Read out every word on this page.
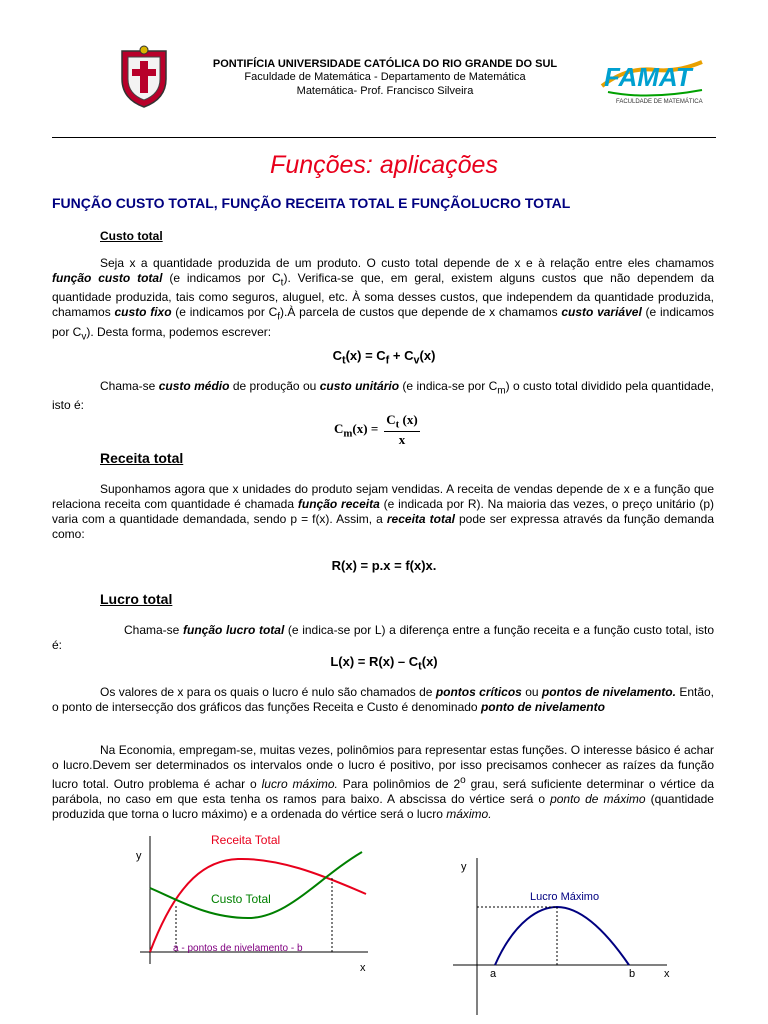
FAMAT
FACULDADE DE MATEMÁTICA
PONTIFÍCIA UNIVERSIDADE CATÓLICA DO RIO GRANDE DO SUL
Faculdade de Matemática - Departamento de Matemática
Matemática- Prof. Francisco Silveira
Funções: aplicações
FUNÇÃO CUSTO TOTAL, FUNÇÃO RECEITA TOTAL E FUNÇÃOLUCRO TOTAL
Custo total
Seja x a quantidade produzida de um produto. O custo total depende de x e à relação entre eles chamamos função custo total (e indicamos por $C_t$). Verifica-se que, em geral, existem alguns custos que não dependem da quantidade produzida, tais como seguros, aluguel, etc. À soma desses custos, que independem da quantidade produzida, chamamos custo fixo (e indicamos por $C_f).À$ parcela de custos que depende de x chamamos custo variável (e indicamos por $C_v$). Desta forma, podemos escrever:
$C_t(x) = C_f + C_v(x)$
Chama-se custo médio de produção ou custo unitário (e indica-se por $C_m$) o custo total dividido pela quantidade, isto é:
$C_m(x) = \frac{C_t (x)}{x}$
Receita total
Suponhamos agora que x unidades do produto sejam vendidas. A receita de vendas depende de x e a função que relaciona receita com quantidade é chamada função receita (e indicada por R). Na maioria das vezes, o preço unitário (p) varia com a quantidade demandada, sendo p = f(x). Assim, a receita total pode ser expressa através da função demanda como:
R(x) = p.x = f(x)x.
Lucro total
Chama-se função lucro total (e indica-se por L) a diferença entre a função receita e a função custo total, isto é:
$L(x) = R(x) - C_t(x)$
Os valores de x para os quais o lucro é nulo são chamados de pontos críticos ou pontos de nivelamento. Então, o ponto de intersecção dos gráficos das funções Receita e Custo é denominado ponto de nivelamento
Na Economia, empregam-se, muitas vezes, polinômios para representar estas funções. O interesse básico é achar o lucro.Devem ser determinados os intervalos onde o lucro é positivo, por isso precisamos conhecer as raízes da função lucro total. Outro problema é achar o lucro máximo. Para polinômios de 2$^o$ grau, será suficiente determinar o vértice da parábola, no caso em que esta tenha os ramos para baixo. A abscissa do vértice será o ponto de máximo (quantidade produzida que torna o lucro máximo) e a ordenada do vértice será o lucro máximo.
y
x
Receita Total
Custo Total
a - pontos de nivelamento - b
y
x
Lucro Máximo
a	b
